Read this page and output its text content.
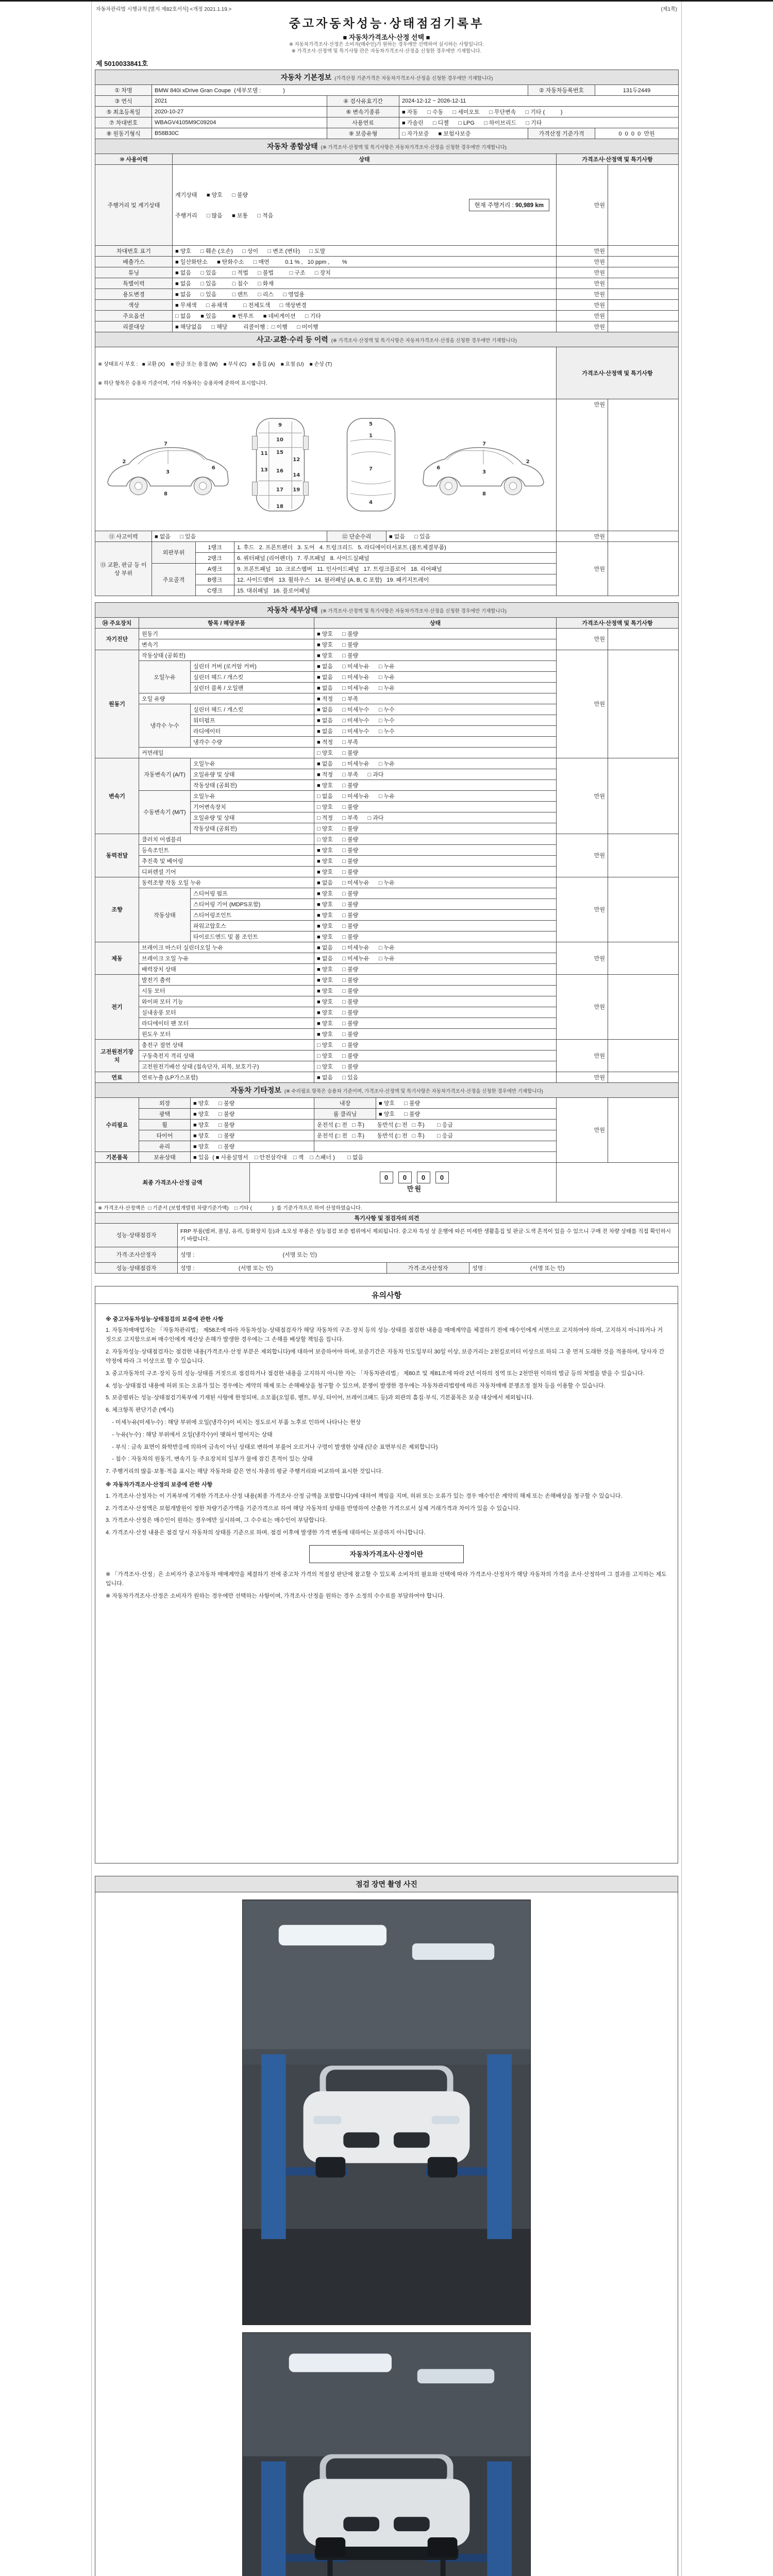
자동차관리법 시행규칙 [별지 제82호서식] <개정 2021.1.19.>	(제1쪽)
중고자동차성능·상태점검기록부
■ 자동차가격조사·산정 선택 ■
※ 자동차가격조사·산정은 소비자(매수인)가 원하는 경우에만 선택하여 실시하는 사항입니다.
※ 가격조사·산정액 및 특기사항 란은 자동차가격조사·산정을 신청한 경우에만 기재합니다.
제 5010033841호
자동차 기본정보 (가격산정 기준가격은 자동차가격조사·산정을 신청한 경우에만 기재합니다)					
① 차명	BMW 840i xDrive Gran Coupe (세부모델 :              )			② 자동차등록번호	131두2449
③ 연식	2021	④ 검사유효기간	2024-12-12 ~ 2026-12-11		
⑤ 최초등록일	2020-10-27	⑥ 변속기종류	■ 자동      □ 수동      □ 세미오토      □ 무단변속      □ 기타 (          )		
⑦ 차대번호	WBAGV4105M9C09204	사용연료	■ 가솔린      □ 디젤      □ LPG      □ 하이브리드      □ 기타		
⑧ 원동기형식	B58B30C	⑨ 보증유형	□ 자가보증      ■ 보험사보증	가격산정 기준가격	0  0  0  0  만원
자동차 종합상태 (※ 가격조사·산정액 및 특기사항은 자동차가격조사·산정을 신청한 경우에만 기재합니다)			
⑩ 사용이력	상태	가격조사·산정액 및 특기사항	
주행거리 및 계기상태	계기상태      ■ 양호      □ 불량

주행거리      □ 많음      ■ 보통      □ 적음

현재 주행거리 : 90,989 km	만원	
차대번호 표기	■ 양호      □ 훼손 (오손)      □ 상이      □ 변조 (변타)      □ 도말	만원	
배출가스	■ 일산화탄소      ■ 탄화수소      □ 매연          0.1 % ,   10 ppm ,        %	만원	
튜닝	■ 없음      □ 있음          □ 적법      □ 불법          □ 구조      □ 장치	만원	
특별이력	■ 없음      □ 있음          □ 침수      □ 화재	만원	
용도변경	■ 없음      □ 있음          □ 렌트      □ 리스      □ 영업용	만원	
색상	■ 무채색      □ 유채색          □ 전체도색      □ 색상변경	만원	
주요옵션	□ 없음      ■ 있음          ■ 썬루프      ■ 네비게이션      □ 기타	만원	
리콜대상	■ 해당없음      □ 해당          리콜이행 :  □ 이행      □ 미이행	만원	
사고·교환·수리 등 이력 (※ 가격조사·산정액 및 특기사항은 자동차가격조사·산정을 신청한 경우에만 기재합니다)		

※ 상태표시 부호 :   ■ 교환 (X)    ■ 판금 또는 용접 (W)    ■ 부식 (C)    ■ 흠집 (A)    ■ 요철 (U)    ■ 손상 (T)

※ 하단 항목은 승용차 기준이며, 기타 자동차는 승용차에 준하여 표시합니다.	가격조사·산정액 및 특기사항	

2
3
6
8
7
9
10
11
12
13
15
16
17
18
19
14
5
1
7
4
2
3
6
8
7

	만원	
⑪ 사고이력	■ 없음      □ 있음	⑫ 단순수리	■ 없음      □ 있음	만원	
⑬ 교환, 판금 등 이상 부위	외판부위	1랭크	1. 후드   2. 프론트펜더   3. 도어   4. 트렁크리드   5. 라디에이터서포트 (볼트체결부품)	만원	
		2랭크	6. 쿼터패널 (리어펜더)   7. 루프패널   8. 사이드실패널		
	주요골격	A랭크	9. 프론트패널   10. 크로스멤버   11. 인사이드패널   17. 트렁크플로어   18. 리어패널		
		B랭크	12. 사이드멤버   13. 휠하우스   14. 필러패널 (A, B, C 포함)   19. 패키지트레이		
		C랭크	15. 대쉬패널   16. 플로어패널		
자동차 세부상태 (※ 가격조사·산정액 및 특기사항은 자동차가격조사·산정을 신청한 경우에만 기재합니다)					
⑭ 주요장치	항목 / 해당부품		상태	가격조사·산정액 및 특기사항	
자기진단	원동기		■ 양호      □ 불량	만원	
	변속기		■ 양호      □ 불량		
원동기	작동상태 (공회전)		■ 양호      □ 불량	만원	
	오일누유	실린더 커버 (로커암 커버)	■ 없음      □ 미세누유      □ 누유		
		실린더 헤드 / 개스킷	■ 없음      □ 미세누유      □ 누유		
		실린더 블록 / 오일팬	■ 없음      □ 미세누유      □ 누유		
	오일 유량		■ 적정      □ 부족		
	냉각수 누수	실린더 헤드 / 개스킷	■ 없음      □ 미세누수      □ 누수		
		워터펌프	■ 없음      □ 미세누수      □ 누수		
		라디에이터	■ 없음      □ 미세누수      □ 누수		
		냉각수 수량	■ 적정      □ 부족		
	커먼레일		□ 양호      □ 불량		
변속기	자동변속기 (A/T)	오일누유	■ 없음      □ 미세누유      □ 누유	만원	
		오일유량 및 상태	■ 적정      □ 부족      □ 과다		
		작동상태 (공회전)	■ 양호      □ 불량		
	수동변속기 (M/T)	오일누유	□ 없음      □ 미세누유      □ 누유		
		기어변속장치	□ 양호      □ 불량		
		오일유량 및 상태	□ 적정      □ 부족      □ 과다		
		작동상태 (공회전)	□ 양호      □ 불량		
동력전달	클러치 어셈블리		□ 양호      □ 불량	만원	
	등속조인트		■ 양호      □ 불량		
	추진축 및 베어링		■ 양호      □ 불량		
	디퍼렌셜 기어		■ 양호      □ 불량		
조향	동력조향 작동 오일 누유		■ 없음      □ 미세누유      □ 누유	만원	
	작동상태	스티어링 펌프	■ 양호      □ 불량		
		스티어링 기어 (MDPS포함)	■ 양호      □ 불량		
		스티어링조인트	■ 양호      □ 불량		
		파워고압호스	■ 양호      □ 불량		
		타이로드엔드 및 볼 조인트	■ 양호      □ 불량		
제동	브레이크 마스터 실린더오일 누유		■ 없음      □ 미세누유      □ 누유	만원	
	브레이크 오일 누유		■ 없음      □ 미세누유      □ 누유		
	배력장치 상태		■ 양호      □ 불량		
전기	발전기 출력		■ 양호      □ 불량	만원	
	시동 모터		■ 양호      □ 불량		
	와이퍼 모터 기능		■ 양호      □ 불량		
	실내송풍 모터		■ 양호      □ 불량		
	라디에이터 팬 모터		■ 양호      □ 불량		
	윈도우 모터		■ 양호      □ 불량		
고전원전기장치	충전구 절연 상태		□ 양호      □ 불량	만원	
	구동축전지 격리 상태		□ 양호      □ 불량		
	고전원전기배선 상태 (접속단자, 피복, 보호기구)		□ 양호      □ 불량		
연료	연료누출 (LP가스포함)		■ 없음      □ 있음	만원	
자동차 기타정보 (※ 수리필요 항목은 승용차 기준이며, 가격조사·산정액 및 특기사항은 자동차가격조사·산정을 신청한 경우에만 기재합니다)						
수리필요	외장	■ 양호      □ 불량	내장	■ 양호      □ 불량	만원	
	광택	■ 양호      □ 불량	룸 클리닝	■ 양호      □ 불량		
	휠	■ 양호      □ 불량	운전석 (□ 전   □ 후)        동반석 (□ 전   □ 후)        □ 응급			
	타이어	■ 양호      □ 불량	운전석 (□ 전   □ 후)        동반석 (□ 전   □ 후)        □ 응급			
	유리	■ 양호      □ 불량				
기본품목	보유상태	■ 있음  ( ■ 사용설명서    □ 안전삼각대    □ 잭    □ 스패너 )        □ 없음				
최종 가격조사·산정 금액	
0 0 0 0
만원

※ 가격조사·산정액은  □ 기준서 (보험개발원 차량기준가액)    □ 기타 (              )  를 기준가격으로 하여 산정하였습니다.
특기사항 및 점검자의 의견	
성능·상태점검자	FRP 부품(범퍼, 몰딩, 유리, 등화장치 등)과 소모성 부품은 성능점검 보증 범위에서 제외됩니다. 중고차 특성 상 운행에 따른 미세한 생활흠집 및 판금·도색 흔적이 있을 수 있으니 구매 전 차량 상태를 직접 확인하시기 바랍니다.
가격·조사산정자	성명 :                                                        (서명 또는 인)
성능·상태점검자	성명 :                            (서명 또는 인)	가격·조사산정자	성명 :                            (서명 또는 인)
유의사항
※ 중고자동차성능·상태점검의 보증에 관한 사항

1. 자동차매매업자는 「자동차관리법」 제58조에 따라 자동차성능·상태점검자가 해당 자동차의 구조·장치 등의 성능·상태를 점검한 내용을 매매계약을 체결하기 전에 매수인에게 서면으로 고지하여야 하며, 고지하지 아니하거나 거짓으로 고지함으로써 매수인에게 재산상 손해가 발생한 경우에는 그 손해를 배상할 책임을 집니다.

2. 자동차성능·상태점검자는 점검한 내용(가격조사·산정 부분은 제외합니다)에 대하여 보증하여야 하며, 보증기간은 자동차 인도일부터 30일 이상, 보증거리는 2천킬로미터 이상으로 하되 그 중 먼저 도래한 것을 적용하며, 당사자 간 약정에 따라 그 이상으로 할 수 있습니다.

3. 중고자동차의 구조·장치 등의 성능·상태를 거짓으로 점검하거나 점검한 내용을 고지하지 아니한 자는 「자동차관리법」 제80조 및 제81조에 따라 2년 이하의 징역 또는 2천만원 이하의 벌금 등의 처벌을 받을 수 있습니다.

4. 성능·상태점검 내용에 허위 또는 오류가 있는 경우에는 계약의 해제 또는 손해배상을 청구할 수 있으며, 분쟁이 발생한 경우에는 자동차관리법령에 따른 자동차매매 분쟁조정 절차 등을 이용할 수 있습니다.

5. 보증범위는 성능·상태점검기록부에 기재된 사항에 한정되며, 소모품(오일류, 벨트, 부싱, 타이어, 브레이크패드 등)과 외관의 흠집·부식, 기본품목은 보증 대상에서 제외됩니다.

6. 체크항목 판단기준 (예시)

- 미세누유(미세누수) : 해당 부위에 오일(냉각수)이 비치는 정도로서 부품 노후로 인하여 나타나는 현상

- 누유(누수) : 해당 부위에서 오일(냉각수)이 맺혀서 떨어지는 상태

- 부식 : 금속 표면이 화학반응에 의하여 금속이 아닌 상태로 변하여 부풀어 오르거나 구멍이 발생한 상태 (단순 표면부식은 제외합니다)

- 침수 : 자동차의 원동기, 변속기 등 주요장치의 일부가 물에 잠긴 흔적이 있는 상태

7. 주행거리의 많음·보통·적음 표시는 해당 자동차와 같은 연식·차종의 평균 주행거리와 비교하여 표시한 것입니다.

※ 자동차가격조사·산정의 보증에 관한 사항

1. 가격조사·산정자는 이 기록부에 기재한 가격조사·산정 내용(최종 가격조사·산정 금액을 포함합니다)에 대하여 책임을 지며, 허위 또는 오류가 있는 경우 매수인은 계약의 해제 또는 손해배상을 청구할 수 있습니다.

2. 가격조사·산정액은 보험개발원이 정한 차량기준가액을 기준가격으로 하여 해당 자동차의 상태를 반영하여 산출한 가격으로서 실제 거래가격과 차이가 있을 수 있습니다.

3. 가격조사·산정은 매수인이 원하는 경우에만 실시하며, 그 수수료는 매수인이 부담합니다.

4. 가격조사·산정 내용은 점검 당시 자동차의 상태를 기준으로 하며, 점검 이후에 발생한 가격 변동에 대하여는 보증하지 아니합니다.

자동차가격조사·산정이란

※ 「가격조사·산정」은 소비자가 중고자동차 매매계약을 체결하기 전에 중고차 가격의 적절성 판단에 참고할 수 있도록 소비자의 필요와 선택에 따라 가격조사·산정자가 해당 자동차의 가격을 조사·산정하여 그 결과를 고지하는 제도입니다.

※ 자동차가격조사·산정은 소비자가 원하는 경우에만 선택하는 사항이며, 가격조사·산정을 원하는 경우 소정의 수수료를 부담하여야 합니다.

점검 장면 촬영 사진
